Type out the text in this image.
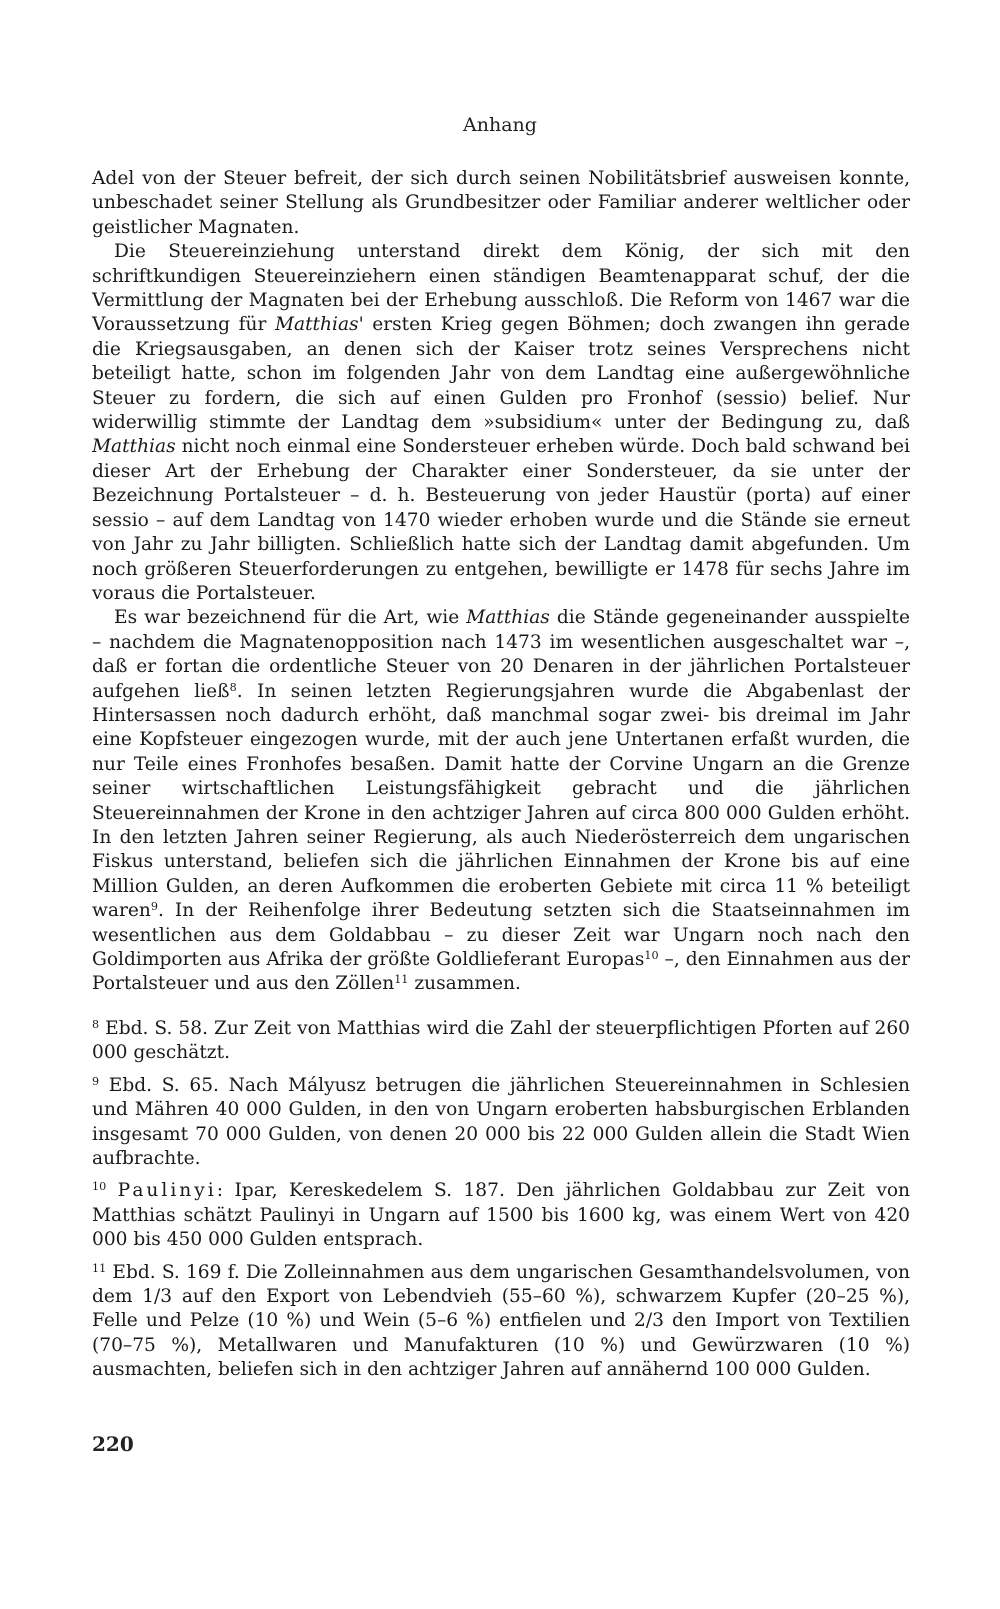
Anhang

Adel von der Steuer befreit, der sich durch seinen Nobilitätsbrief ausweisen konnte, unbeschadet seiner Stellung als Grundbesitzer oder Familiar anderer weltlicher oder geistlicher Magnaten.

Die Steuereinziehung unterstand direkt dem König, der sich mit den schriftkundigen Steuereinziehern einen ständigen Beamtenapparat schuf, der die Vermittlung der Magnaten bei der Erhebung ausschloß. Die Reform von 1467 war die Voraussetzung für Matthias' ersten Krieg gegen Böhmen; doch zwangen ihn gerade die Kriegsausgaben, an denen sich der Kaiser trotz seines Versprechens nicht beteiligt hatte, schon im folgenden Jahr von dem Landtag eine außergewöhnliche Steuer zu fordern, die sich auf einen Gulden pro Fronhof (sessio) belief. Nur widerwillig stimmte der Landtag dem »subsidium« unter der Bedingung zu, daß Matthias nicht noch einmal eine Sondersteuer erheben würde. Doch bald schwand bei dieser Art der Erhebung der Charakter einer Sondersteuer, da sie unter der Bezeichnung Portalsteuer – d. h. Besteuerung von jeder Haustür (porta) auf einer sessio – auf dem Landtag von 1470 wieder erhoben wurde und die Stände sie erneut von Jahr zu Jahr billigten. Schließlich hatte sich der Landtag damit abgefunden. Um noch größeren Steuerforderungen zu entgehen, bewilligte er 1478 für sechs Jahre im voraus die Portalsteuer.

Es war bezeichnend für die Art, wie Matthias die Stände gegeneinander ausspielte – nachdem die Magnatenopposition nach 1473 im wesentlichen ausgeschaltet war –, daß er fortan die ordentliche Steuer von 20 Denaren in der jährlichen Portalsteuer aufgehen ließ$^8$. In seinen letzten Regierungsjahren wurde die Abgabenlast der Hintersassen noch dadurch erhöht, daß manchmal sogar zwei- bis dreimal im Jahr eine Kopfsteuer eingezogen wurde, mit der auch jene Untertanen erfaßt wurden, die nur Teile eines Fronhofes besaßen. Damit hatte der Corvine Ungarn an die Grenze seiner wirtschaftlichen Leistungsfähigkeit gebracht und die jährlichen Steuereinnahmen der Krone in den achtziger Jahren auf circa 800 000 Gulden erhöht. In den letzten Jahren seiner Regierung, als auch Niederösterreich dem ungarischen Fiskus unterstand, beliefen sich die jährlichen Einnahmen der Krone bis auf eine Million Gulden, an deren Aufkommen die eroberten Gebiete mit circa 11 % beteiligt waren$^9$. In der Reihenfolge ihrer Bedeutung setzten sich die Staatseinnahmen im wesentlichen aus dem Goldabbau – zu dieser Zeit war Ungarn noch nach den Goldimporten aus Afrika der größte Goldlieferant Europas$^{10}$ –, den Einnahmen aus der Portalsteuer und aus den Zöllen$^{11}$ zusammen.

$^8$ Ebd. S. 58. Zur Zeit von Matthias wird die Zahl der steuerpflichtigen Pforten auf 260 000 geschätzt.

$^9$ Ebd. S. 65. Nach Mályusz betrugen die jährlichen Steuereinnahmen in Schlesien und Mähren 40 000 Gulden, in den von Ungarn eroberten habsburgischen Erblanden insgesamt 70 000 Gulden, von denen 20 000 bis 22 000 Gulden allein die Stadt Wien aufbrachte.

$^{10}$ Paulinyi: Ipar, Kereskedelem S. 187. Den jährlichen Goldabbau zur Zeit von Matthias schätzt Paulinyi in Ungarn auf 1500 bis 1600 kg, was einem Wert von 420 000 bis 450 000 Gulden entsprach.

$^{11}$ Ebd. S. 169 f. Die Zolleinnahmen aus dem ungarischen Gesamthandelsvolumen, von dem 1/3 auf den Export von Lebendvieh (55–60 %), schwarzem Kupfer (20–25 %), Felle und Pelze (10 %) und Wein (5–6 %) entfielen und 2/3 den Import von Textilien (70–75 %), Metallwaren und Manufakturen (10 %) und Gewürzwaren (10 %) ausmachten, beliefen sich in den achtziger Jahren auf annähernd 100 000 Gulden.

220
